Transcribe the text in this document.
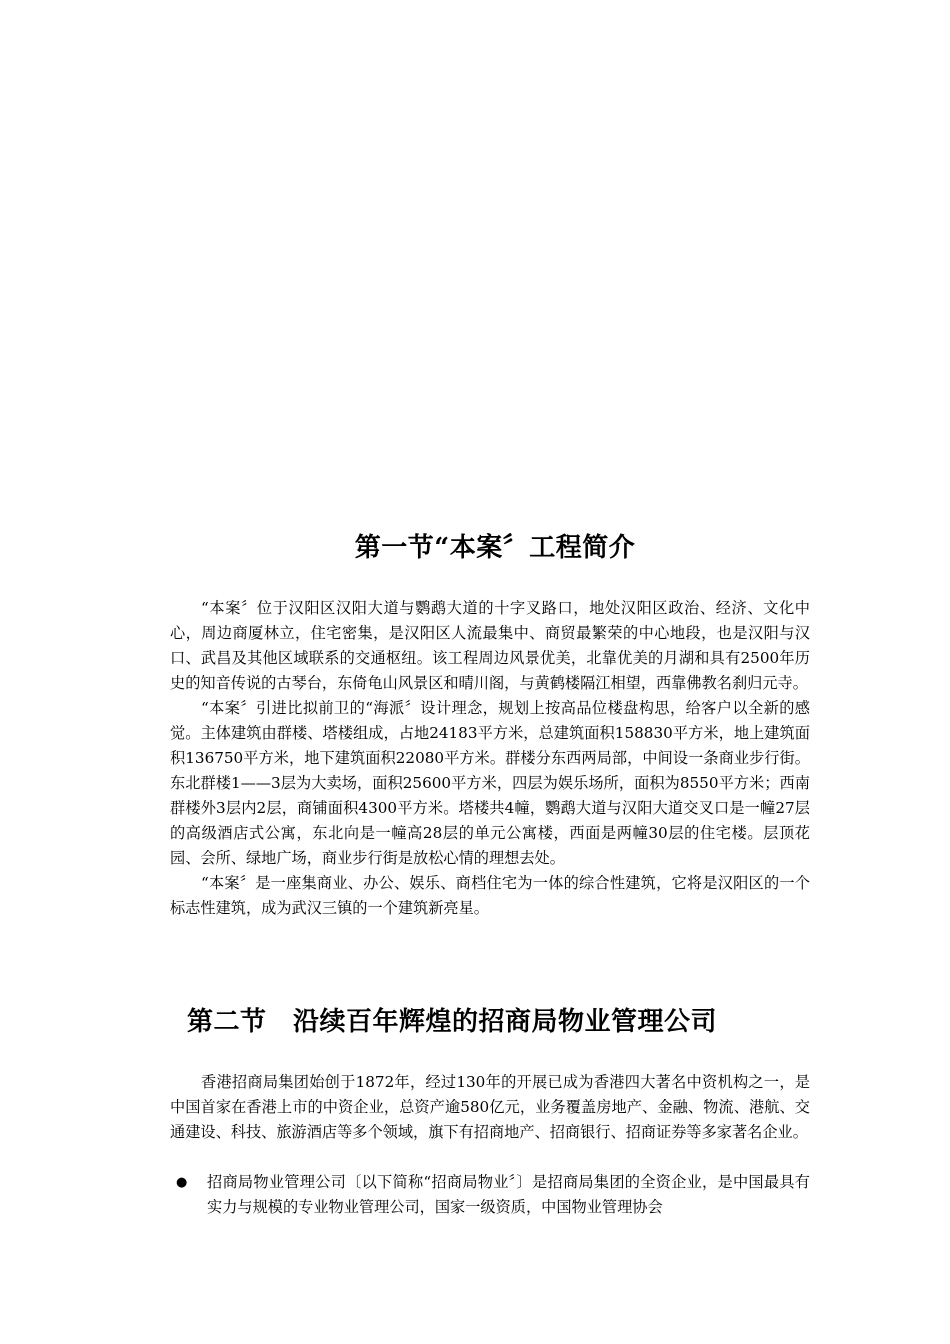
第一节“本案〞工程简介

“本案〞位于汉阳区汉阳大道与鹦鹉大道的十字叉路口，地处汉阳区政治、经济、文化中心，周边商厦林立，住宅密集，是汉阳区人流最集中、商贸最繁荣的中心地段，也是汉阳与汉口、武昌及其他区域联系的交通枢纽。该工程周边风景优美，北靠优美的月湖和具有2500年历史的知音传说的古琴台，东倚龟山风景区和晴川阁，与黄鹤楼隔江相望，西靠佛教名刹归元寺。

“本案〞引进比拟前卫的“海派〞设计理念，规划上按高品位楼盘构思，给客户以全新的感觉。主体建筑由群楼、塔楼组成，占地24183平方米，总建筑面积158830平方米，地上建筑面积136750平方米，地下建筑面积22080平方米。群楼分东西两局部，中间设一条商业步行街。东北群楼1——3层为大卖场，面积25600平方米，四层为娱乐场所，面积为8550平方米；西南群楼外3层内2层，商铺面积4300平方米。塔楼共4幢，鹦鹉大道与汉阳大道交叉口是一幢27层的高级酒店式公寓，东北向是一幢高28层的单元公寓楼，西面是两幢30层的住宅楼。层顶花园、会所、绿地广场，商业步行街是放松心情的理想去处。

“本案〞是一座集商业、办公、娱乐、商档住宅为一体的综合性建筑，它将是汉阳区的一个标志性建筑，成为武汉三镇的一个建筑新亮星。

第二节　沿续百年辉煌的招商局物业管理公司

香港招商局集团始创于1872年，经过130年的开展已成为香港四大著名中资机构之一，是中国首家在香港上市的中资企业，总资产逾580亿元，业务覆盖房地产、金融、物流、港航、交通建设、科技、旅游酒店等多个领域，旗下有招商地产、招商银行、招商证券等多家著名企业。

● 招商局物业管理公司〔以下简称“招商局物业〞〕是招商局集团的全资企业，是中国最具有实力与规模的专业物业管理公司，国家一级资质，中国物业管理协会
